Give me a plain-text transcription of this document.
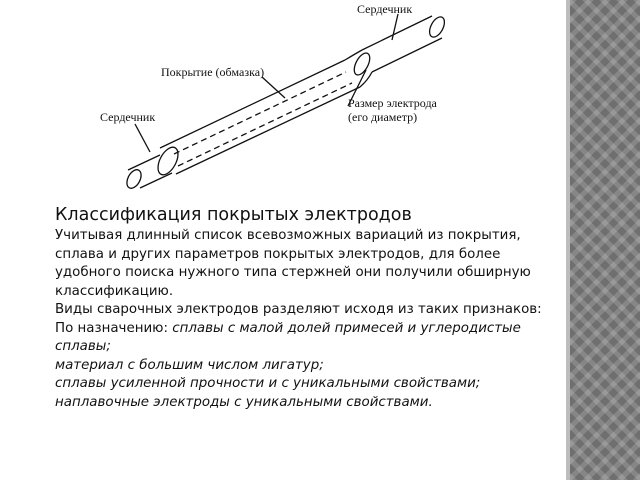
Сердечник
Покрытие (обмазка)
Размер электрода
(его диаметр)
Сердечник
Классификация покрытых электродов

Учитывая длинный список всевозможных вариаций из покрытия, сплава и других параметров покрытых электродов, для более удобного поиска нужного типа стержней они получили обширную классификацию.

Виды сварочных электродов разделяют исходя из таких признаков:

По назначению: сплавы с малой долей примесей и углеродистые сплавы;

материал с большим числом лигатур;

сплавы усиленной прочности и с уникальными свойствами; наплавочные электроды с уникальными свойствами.
